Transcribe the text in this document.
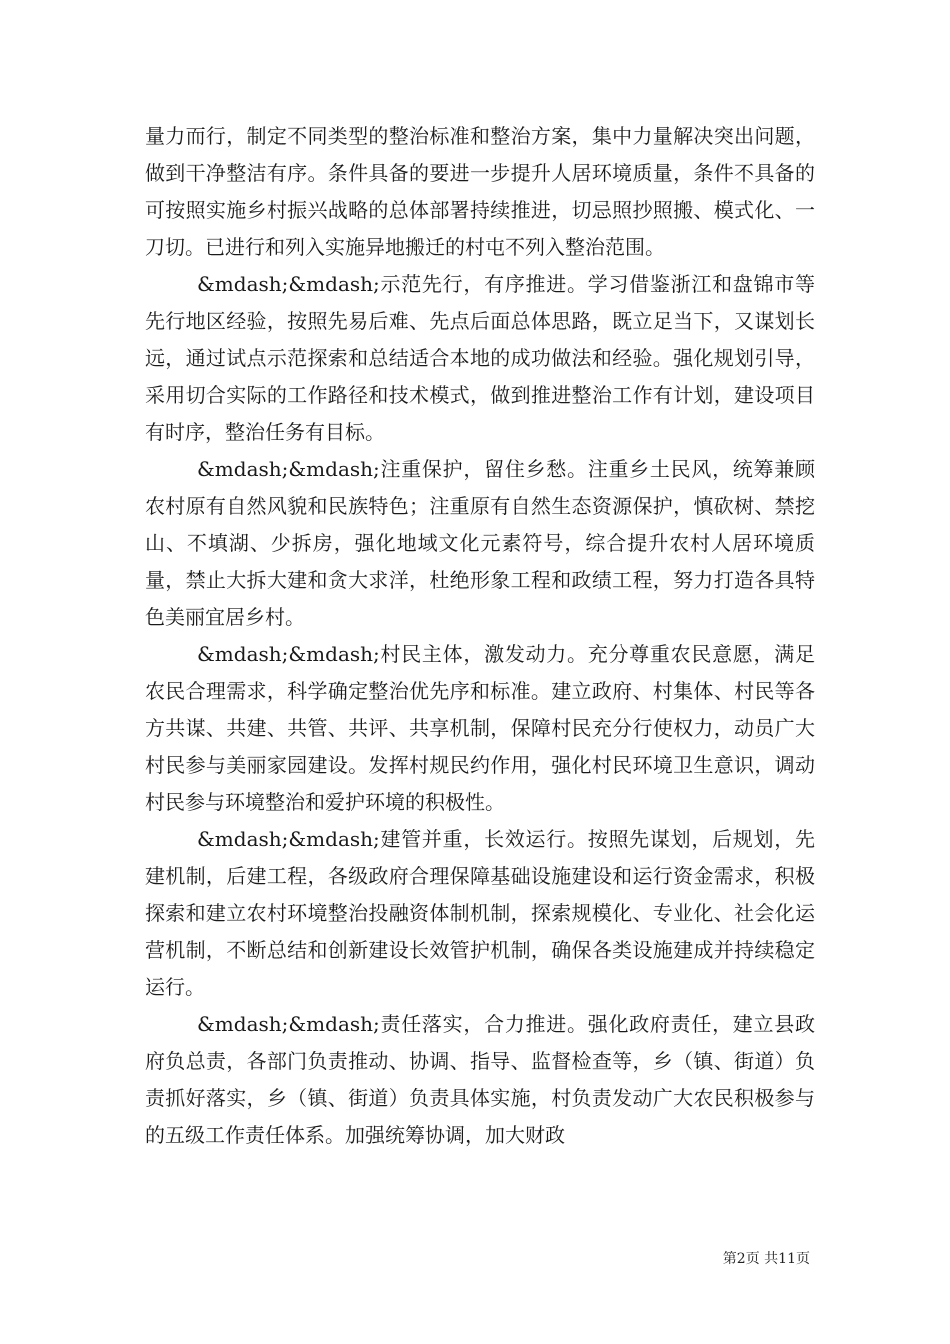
量力而行，制定不同类型的整治标准和整治方案，集中力量解决突出问题，做到干净整洁有序。条件具备的要进一步提升人居环境质量，条件不具备的可按照实施乡村振兴战略的总体部署持续推进，切忌照抄照搬、模式化、一刀切。已进行和列入实施异地搬迁的村屯不列入整治范围。

&mdash;&mdash;示范先行，有序推进。学习借鉴浙江和盘锦市等先行地区经验，按照先易后难、先点后面总体思路，既立足当下，又谋划长远，通过试点示范探索和总结适合本地的成功做法和经验。强化规划引导，采用切合实际的工作路径和技术模式，做到推进整治工作有计划，建设项目有时序，整治任务有目标。

&mdash;&mdash;注重保护，留住乡愁。注重乡土民风，统筹兼顾农村原有自然风貌和民族特色；注重原有自然生态资源保护，慎砍树、禁挖山、不填湖、少拆房，强化地域文化元素符号，综合提升农村人居环境质量，禁止大拆大建和贪大求洋，杜绝形象工程和政绩工程，努力打造各具特色美丽宜居乡村。

&mdash;&mdash;村民主体，激发动力。充分尊重农民意愿，满足农民合理需求，科学确定整治优先序和标准。建立政府、村集体、村民等各方共谋、共建、共管、共评、共享机制，保障村民充分行使权力，动员广大村民参与美丽家园建设。发挥村规民约作用，强化村民环境卫生意识，调动村民参与环境整治和爱护环境的积极性。

&mdash;&mdash;建管并重，长效运行。按照先谋划，后规划，先建机制，后建工程，各级政府合理保障基础设施建设和运行资金需求，积极探索和建立农村环境整治投融资体制机制，探索规模化、专业化、社会化运营机制，不断总结和创新建设长效管护机制，确保各类设施建成并持续稳定运行。

&mdash;&mdash;责任落实，合力推进。强化政府责任，建立县政府负总责，各部门负责推动、协调、指导、监督检查等，乡（镇、街道）负责抓好落实，乡（镇、街道）负责具体实施，村负责发动广大农民积极参与的五级工作责任体系。加强统筹协调，加大财政

第2页 共11页
